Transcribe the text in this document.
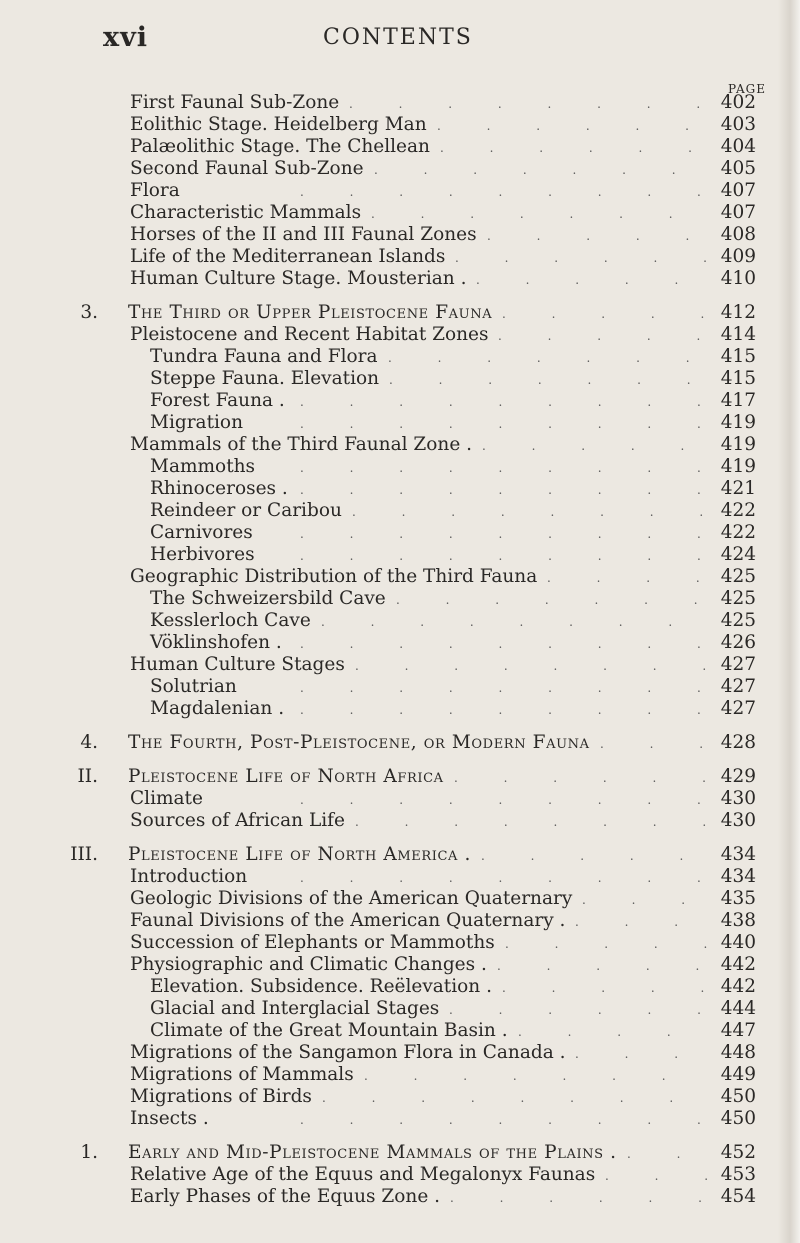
xvi	CONTENTS
PAGE
First Faunal Sub-Zone . . .	402
Eolithic Stage. Heidelberg Man . . .	403
Palæolithic Stage. The Chellean . . .	404
Second Faunal Sub-Zone . . .	405
Flora . . .	407
Characteristic Mammals . . .	407
Horses of the II and III Faunal Zones . . .	408
Life of the Mediterranean Islands . . .	409
Human Culture Stage. Mousterian . . . .	410
3. The Third or Upper Pleistocene Fauna . . .	412
Pleistocene and Recent Habitat Zones . . .	414
Tundra Fauna and Flora . . .	415
Steppe Fauna. Elevation . . .	415
Forest Fauna . . . .	417
Migration . . .	419
Mammals of the Third Faunal Zone . . . .	419
Mammoths . . .	419
Rhinoceroses . . . .	421
Reindeer or Caribou . . .	422
Carnivores . . .	422
Herbivores . . .	424
Geographic Distribution of the Third Fauna . . .	425
The Schweizersbild Cave . . .	425
Kesslerloch Cave . . .	425
Vöklinshofen . . . .	426
Human Culture Stages . . .	427
Solutrian . . .	427
Magdalenian . . . .	427
4. The Fourth, Post-Pleistocene, or Modern Fauna . . .	428
II. Pleistocene Life of North Africa . . .	429
Climate . . .	430
Sources of African Life . . .	430
III. Pleistocene Life of North America . . . .	434
Introduction . . .	434
Geologic Divisions of the American Quaternary . . .	435
Faunal Divisions of the American Quaternary . . . .	438
Succession of Elephants or Mammoths . . .	440
Physiographic and Climatic Changes . . . .	442
Elevation. Subsidence. Reëlevation . . . .	442
Glacial and Interglacial Stages . . .	444
Climate of the Great Mountain Basin . . . .	447
Migrations of the Sangamon Flora in Canada . . . .	448
Migrations of Mammals . . .	449
Migrations of Birds . . .	450
Insects . . . .	450
1. Early and Mid-Pleistocene Mammals of the Plains . . . .	452
Relative Age of the Equus and Megalonyx Faunas . . .	453
Early Phases of the Equus Zone . . . .	454
